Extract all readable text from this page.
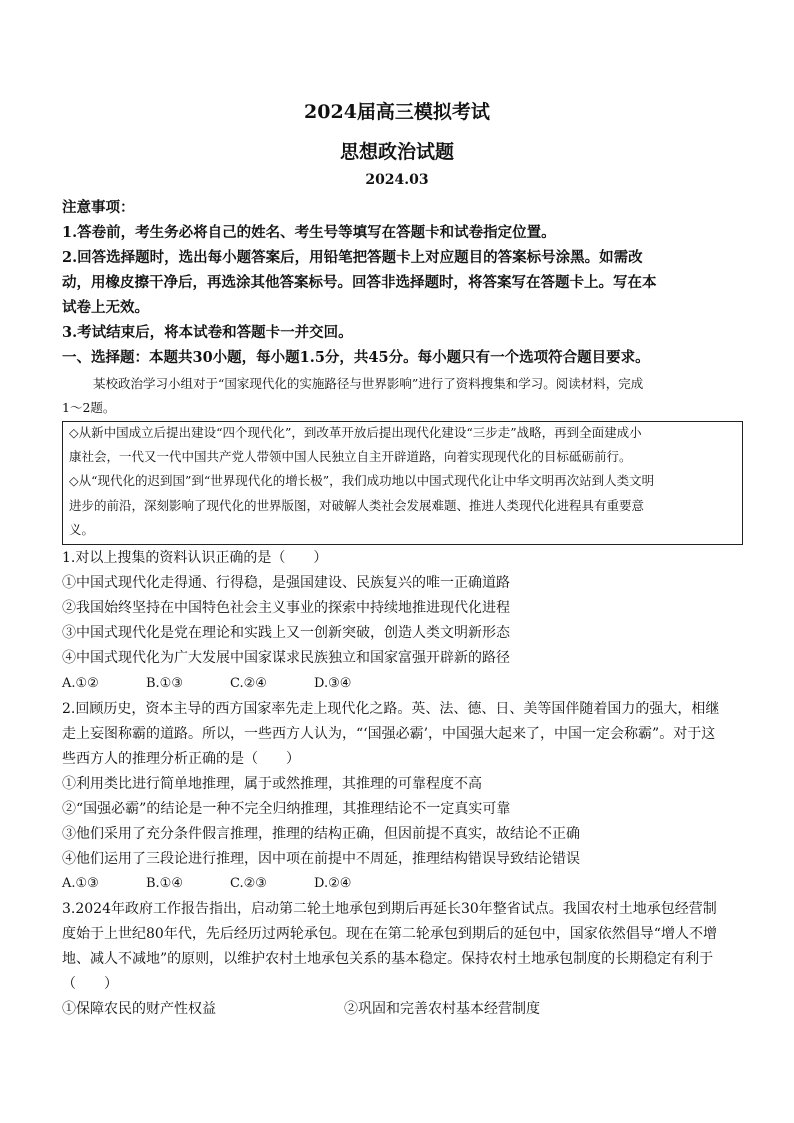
2024届高三模拟考试
思想政治试题
2024.03
注意事项：
1.答卷前，考生务必将自己的姓名、考生号等填写在答题卡和试卷指定位置。
2.回答选择题时，选出每小题答案后，用铅笔把答题卡上对应题目的答案标号涂黑。如需改
动，用橡皮擦干净后，再选涂其他答案标号。回答非选择题时，将答案写在答题卡上。写在本
试卷上无效。
3.考试结束后，将本试卷和答题卡一并交回。
一、选择题：本题共30小题，每小题1.5分，共45分。每小题只有一个选项符合题目要求。
某校政治学习小组对于“国家现代化的实施路径与世界影响”进行了资料搜集和学习。阅读材料，完成
1～2题。
◇从新中国成立后提出建设“四个现代化”，到改革开放后提出现代化建设“三步走”战略，再到全面建成小
康社会，一代又一代中国共产党人带领中国人民独立自主开辟道路，向着实现现代化的目标砥砺前行。
◇从“现代化的迟到国”到“世界现代化的增长极”，我们成功地以中国式现代化让中华文明再次站到人类文明
进步的前沿，深刻影响了现代化的世界版图，对破解人类社会发展难题、推进人类现代化进程具有重要意
义。
1.对以上搜集的资料认识正确的是（　　）
①中国式现代化走得通、行得稳，是强国建设、民族复兴的唯一正确道路
②我国始终坚持在中国特色社会主义事业的探索中持续地推进现代化进程
③中国式现代化是党在理论和实践上又一创新突破，创造人类文明新形态
④中国式现代化为广大发展中国家谋求民族独立和国家富强开辟新的路径
A.①②	B.①③	C.②④	D.③④
2.回顾历史，资本主导的西方国家率先走上现代化之路。英、法、德、日、美等国伴随着国力的强大，相继
走上妄图称霸的道路。所以，一些西方人认为，“‘国强必霸’，中国强大起来了，中国一定会称霸”。对于这
些西方人的推理分析正确的是（　　）
①利用类比进行简单地推理，属于或然推理，其推理的可靠程度不高
②“国强必霸”的结论是一种不完全归纳推理，其推理结论不一定真实可靠
③他们采用了充分条件假言推理，推理的结构正确，但因前提不真实，故结论不正确
④他们运用了三段论进行推理，因中项在前提中不周延，推理结构错误导致结论错误
A.①③	B.①④	C.②③	D.②④
3.2024年政府工作报告指出，启动第二轮土地承包到期后再延长30年整省试点。我国农村土地承包经营制
度始于上世纪80年代，先后经历过两轮承包。现在在第二轮承包到期后的延包中，国家依然倡导“增人不增
地、减人不减地”的原则，以维护农村土地承包关系的基本稳定。保持农村土地承包制度的长期稳定有利于
（　　）
①保障农民的财产性权益	②巩固和完善农村基本经营制度
